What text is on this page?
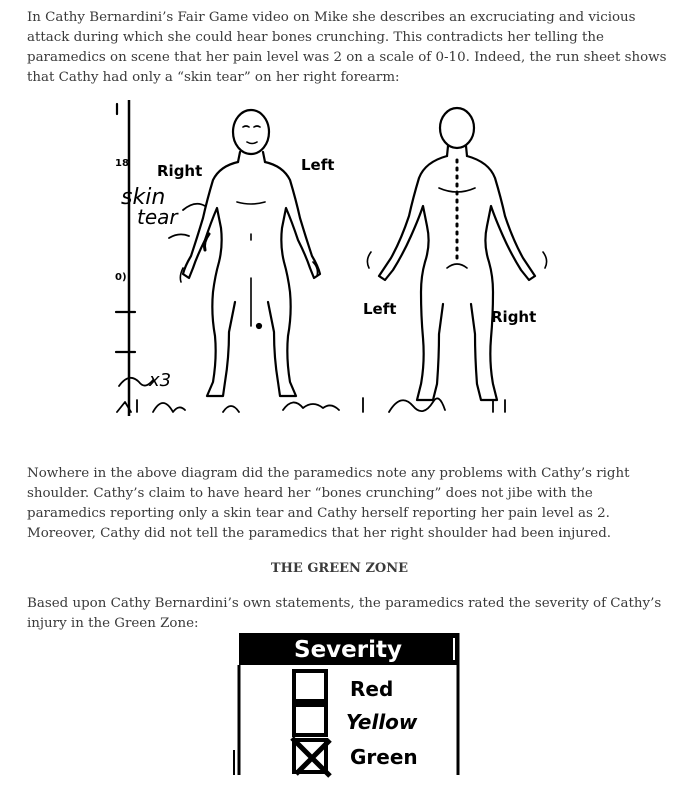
In Cathy Bernardini’s Fair Game video on Mike she describes an excruciating and vicious attack during which she could hear bones crunching. This contradicts her telling the paramedics on scene that her pain level was 2 on a scale of 0-10. Indeed, the run sheet shows that Cathy had only a “skin tear” on her right forearm:

18
0)
Right	Left
Left	Right
skin
tear
x3

Nowhere in the above diagram did the paramedics note any problems with Cathy’s right shoulder. Cathy’s claim to have heard her “bones crunching” does not jibe with the paramedics reporting only a skin tear and Cathy herself reporting her pain level as 2. Moreover, Cathy did not tell the paramedics that her right shoulder had been injured.

THE GREEN ZONE

Based upon Cathy Bernardini’s own statements, the paramedics rated the severity of Cathy’s injury in the Green Zone:

Severity
Red
Yellow
Green
